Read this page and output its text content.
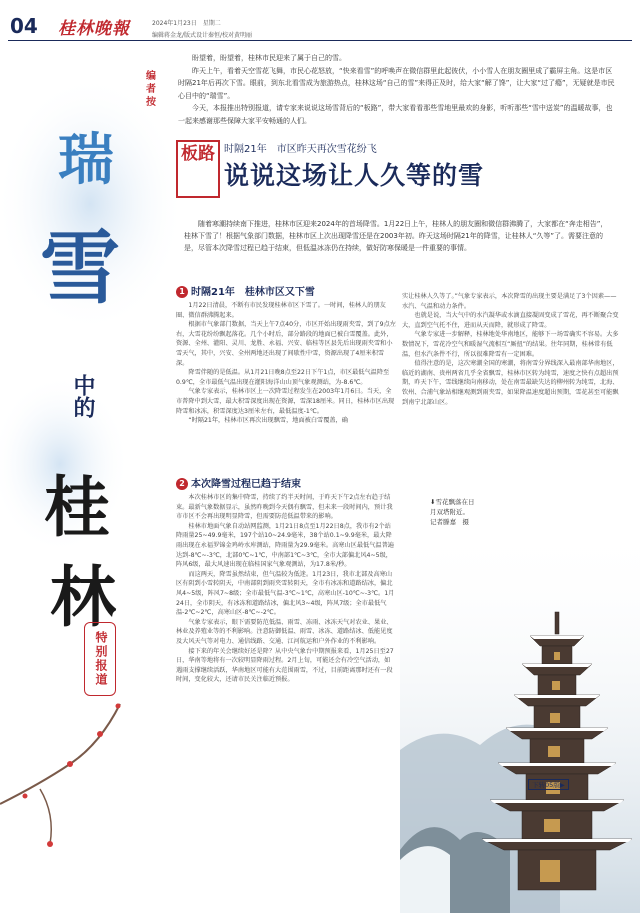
04 桂林晚報	2024年1月23日　星期二
编辑蒋金龙/版式设计秦恒/校对黄明丽
瑞
雪
中的
桂
林
特别报道
编者按

盼望着，盼望着，桂林市民迎来了属于自己的雪。

昨天上午，看着天空雪花飞舞，市民心花怒放，“快来看雪”的呼唤声在微信群里此起彼伏，小小雪人在朋友圈里成了霸屏主角。这是市区时隔21年后再次下雪。眼前，到东北看雪成为旅游热点，桂林这场“自己的雪”来得正及时，给大家“解了馋”，让大家“过了瘾”，无疑就是市民心目中的“瑞雪”。

今天，本报推出特别报道，请专家来说说这场雪背后的“板路”，带大家看看那些雪地里最欢的身影，听听那些“雪中送炭”的温暖故事，也一起来感谢那些保障大家平安畅通的人们。

板路 时隔21年　市区昨天再次雪花纷飞
说说这场让人久等的雪
随着寒潮持续南下推进，桂林市区迎来2024年的首场降雪。1月22日上午，桂林人的朋友圈和微信群沸腾了，大家都在“奔走相告”，桂林下雪了！根据气象部门数据，桂林市区上次出现降雪还是在2003年初。昨天这场时隔21年的降雪，让桂林人“久等”了。需要注意的是，尽管本次降雪过程已趋于结束，但低温冰冻仍在持续，做好防寒保暖是一件重要的事情。
1 时隔21年　桂林市区又下雪

1月22日清晨，不断有市民发现桂林市区下雪了。一时间，桂林人的朋友圈、微信群沸腾起来。

根据市气象部门数据，当天上午7点40分，市区开始出现雨夹雪，到了9点左右，大雪花纷纷飘起落花。几个小时后，部分路段的地面已被白雪覆盖。此外，资源、全州、灌阳、灵川、龙胜、永福、兴安、临桂等区县先后出现雨夹雪和小雪天气，其中，兴安、全州两地还出现了间歇性中雪，资源出现了4厘米积雪深。

降雪伴随的是低温。从1月21日晚8点至22日下午1点，市区最低气温降至0.9℃，全市最低气温出现在灌阳海洋山山顶气象观测站，为-8.6℃。

气象专家表示，桂林市区上一次降雪过程发生在2003年1月6日。当天，全市普降中到大雪，最大积雪深度出现在资源，雪深18厘米。同日，桂林市区出现降雪和冰冻，积雪深度达3厘米左右，最低温度-1℃。

“时隔21年，桂林市区再次出现飘雪，地面被白雪覆盖，确

实让桂林人久等了。”气象专家表示，本次降雪的出现主要是满足了3个因素——水汽、气温和动力条件。

也就是说，当大气中的水汽凝华或水滴直接凝固变成了雪花，再不断聚合变大，直到空气托不住，进而从天而降，就形成了降雪。

气象专家进一步解释，桂林地处华南地区，能够下一场雪确实不容易。大多数情况下，雪花冷空气和暖湿气流相互“厮扭”的结果。往年同期，桂林常有低温，但水汽条件不行，所以很难降雪有一定困难。

值得注意的是，这次寒潮全国的寒潮，将南雪分界线深入最南部华南地区，临近的湖南、贵州两省几乎全省飘雪，桂林市区转为纯雪，速度之快有点超出预期，昨天下午，雪线继续向南移动，处在南雪最缺失达的柳州转为纯雪，北海、钦州、合浦气象站相继观测到雨夹雪，如果降温速度超出预期，雪花甚至可能飘到南宁北部山区。

2 本次降雪过程已趋于结束

本次桂林市区的集中降雪，持续了约半天时间，于昨天下午2点左右趋于结束。最新气象数据显示，虽然昨晚到今天偶有飘雪，但未来一段时间内，预计我市市区不会再出现明显降雪，但需要防范低温带来的影响。

桂林市地面气象自动站网监测，1月21日8点至1月22日8点，我市有2个站降雨量25~49.9毫米，197个站10~24.9毫米，38个站0.1~9.9毫米，最大降雨出现在永福罗锦金鸡岭水库测站，降雨量为29.9毫米。高寒山区最低气温普遍达到-8℃~-3℃，北部0℃~1℃，中南部1℃~3℃，全市大部偏北风4~5级，阵风6级，最大风速出现在临桂国家气象观测站，为17.8米/秒。

而这两天，降雪虽然结束，但气温较为低迷。1月23日，我市北部及高寒山区有阴到小雪转阴天，中南部阴到雨夹雪转阴天，全市有冰冻和道路结冰，偏北风4~5级，阵风7~8级；全市最低气温-3℃~1℃，高寒山区-10℃~-3℃。1月24日，全市阴天，有冰冻和道路结冰，偏北风3~4级，阵风7级；全市最低气温-2℃~2℃，高寒山区-8℃~-2℃。

气象专家表示，眼下需要防范低温、雨雪、冻雨、冰冻天气对农业、果业、林业及养殖业等的不利影响。注意防御低温、雨雪、冰冻、道路结冰、低能见度及大风天气等对电力、通信线路、交通、江河航运和户外作业的不利影响。

接下来的年关会继续好还是降？从中央气象台中期预报来看，1月25日至27日，华南等地将有一次较明显降雨过程。2月上旬，可能还会有冷空气活动，如遇雨支撑继续活跃，华南地区可能有大范围雨雪，不过，目前距离那时还有一段时间，变化较大，还请市民关注临近预报。

⬇雪花飘落在日
月双塔附近。
下转05版▶
